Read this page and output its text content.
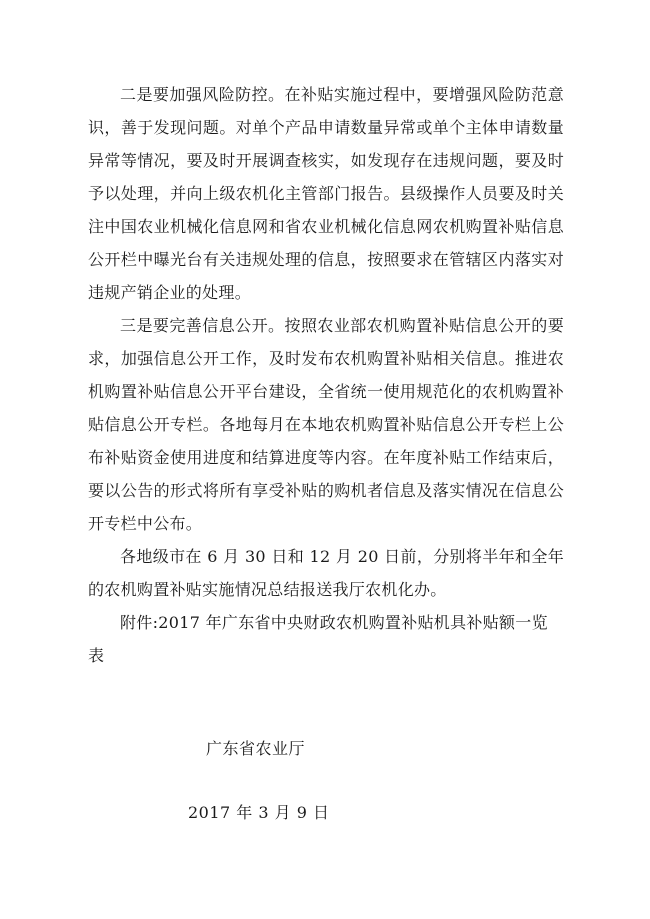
二是要加强风险防控。在补贴实施过程中，要增强风险防范意识，善于发现问题。对单个产品申请数量异常或单个主体申请数量异常等情况，要及时开展调查核实，如发现存在违规问题，要及时予以处理，并向上级农机化主管部门报告。县级操作人员要及时关注中国农业机械化信息网和省农业机械化信息网农机购置补贴信息公开栏中曝光台有关违规处理的信息，按照要求在管辖区内落实对违规产销企业的处理。

三是要完善信息公开。按照农业部农机购置补贴信息公开的要求，加强信息公开工作，及时发布农机购置补贴相关信息。推进农机购置补贴信息公开平台建设，全省统一使用规范化的农机购置补贴信息公开专栏。各地每月在本地农机购置补贴信息公开专栏上公布补贴资金使用进度和结算进度等内容。在年度补贴工作结束后，要以公告的形式将所有享受补贴的购机者信息及落实情况在信息公开专栏中公布。

各地级市在 6 月 30 日和 12 月 20 日前，分别将半年和全年的农机购置补贴实施情况总结报送我厅农机化办。

附件:2017 年广东省中央财政农机购置补贴机具补贴额一览表

广东省农业厅
2017 年 3 月 9 日
